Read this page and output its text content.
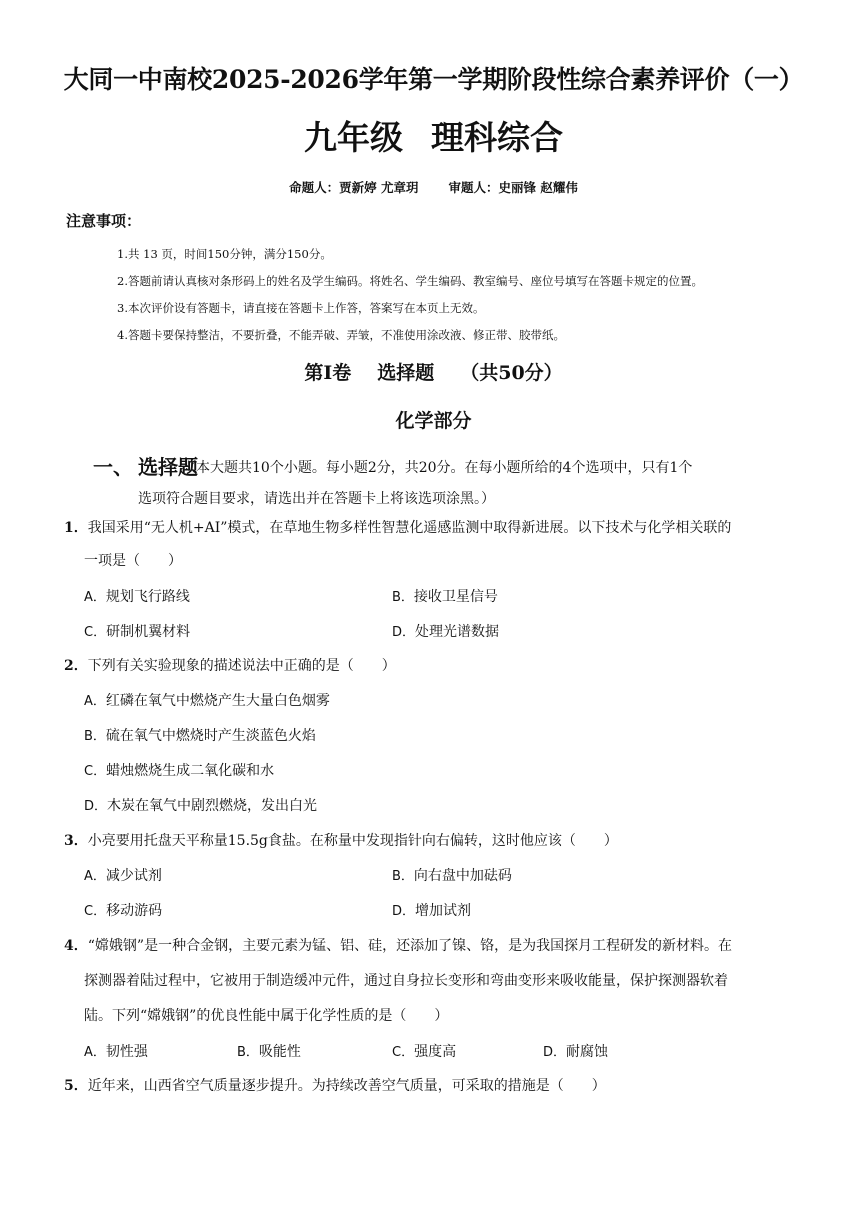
大同一中南校2025-2026学年第一学期阶段性综合素养评价（一）
九年级 理科综合
命题人：贾新婷 尤章玥 审题人：史丽锋 赵耀伟
注意事项：
1.共 13 页，时间150分钟，满分150分。
2.答题前请认真核对条形码上的姓名及学生编码。将姓名、学生编码、教室编号、座位号填写在答题卡规定的位置。
3.本次评价设有答题卡，请直接在答题卡上作答，答案写在本页上无效。
4.答题卡要保持整洁，不要折叠，不能弄破、弄皱，不准使用涂改液、修正带、胶带纸。
第Ⅰ卷 选择题 （共50分）
化学部分
一、 选择题
（本大题共10个小题。每小题2分，共20分。在每小题所给的4个选项中，只有1个
选项符合题目要求，请选出并在答题卡上将该选项涂黑。）
1．我国采用“无人机+AI”模式，在草地生物多样性智慧化遥感监测中取得新进展。以下技术与化学相关联的
一项是（　　）
A．规划飞行路线	B．接收卫星信号
C．研制机翼材料	D．处理光谱数据
2．下列有关实验现象的描述说法中正确的是（　　）
A．红磷在氧气中燃烧产生大量白色烟雾
B．硫在氧气中燃烧时产生淡蓝色火焰
C．蜡烛燃烧生成二氧化碳和水
D．木炭在氧气中剧烈燃烧，发出白光
3．小亮要用托盘天平称量15.5g食盐。在称量中发现指针向右偏转，这时他应该（　　）
A．减少试剂	B．向右盘中加砝码
C．移动游码	D．增加试剂
4．“嫦娥钢”是一种合金钢，主要元素为锰、铝、硅，还添加了镍、铬，是为我国探月工程研发的新材料。在
探测器着陆过程中，它被用于制造缓冲元件，通过自身拉长变形和弯曲变形来吸收能量，保护探测器软着
陆。下列“嫦娥钢”的优良性能中属于化学性质的是（　　）
A．韧性强	B．吸能性	C．强度高	D．耐腐蚀
5．近年来，山西省空气质量逐步提升。为持续改善空气质量，可采取的措施是（　　）
